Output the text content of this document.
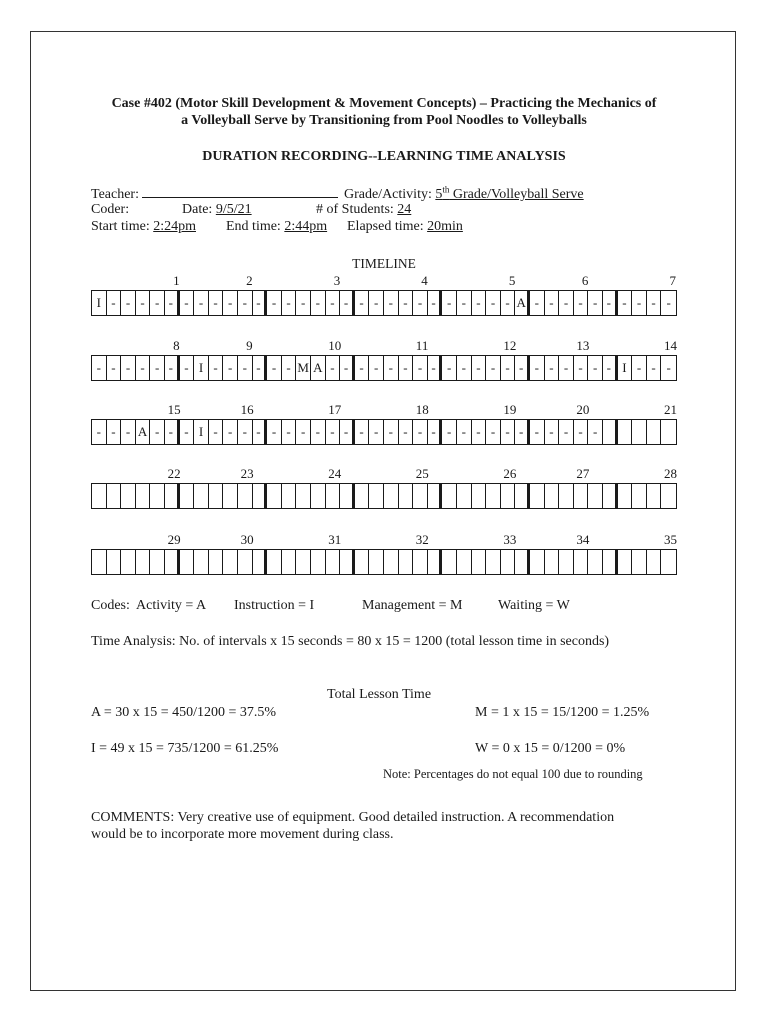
Case #402 (Motor Skill Development & Movement Concepts) – Practicing the Mechanics of
a Volleyball Serve by Transitioning from Pool Noodles to Volleyballs
DURATION RECORDING--LEARNING TIME ANALYSIS
Teacher:	Grade/Activity: 5th Grade/Volleyball Serve
Coder:	Date: 9/5/21	# of Students: 24
Start time: 2:24pm End time: 2:44pm Elapsed time: 20min
TIMELINE
1	2	3	4	5	6	7
I - - - - - - - - - - - - - - - - - - - - - - - - - - - - A - - - - - - - - - -
8	9	10	11	12	13	14
- - - - - - - I - - - - - - M A - - - - - - - - - - - - - - - - - - - - I - - -
15	16	17	18	19	20	21
- - - A - - - I - - - - - - - - - - - - - - - - - - - - - - - - - - -
22	23	24	25	26	27	28
29	30	31	32	33	34	35
Codes: Activity = A Instruction = I	Management = M	Waiting = W
Time Analysis: No. of intervals x 15 seconds = 80 x 15 = 1200 (total lesson time in seconds)
Total Lesson Time
A = 30 x 15 = 450/1200 = 37.5%	M = 1 x 15 = 15/1200 = 1.25%
I = 49 x 15 = 735/1200 = 61.25%	W = 0 x 15 = 0/1200 = 0%
Note: Percentages do not equal 100 due to rounding
COMMENTS: Very creative use of equipment. Good detailed instruction. A recommendation
would be to incorporate more movement during class.
